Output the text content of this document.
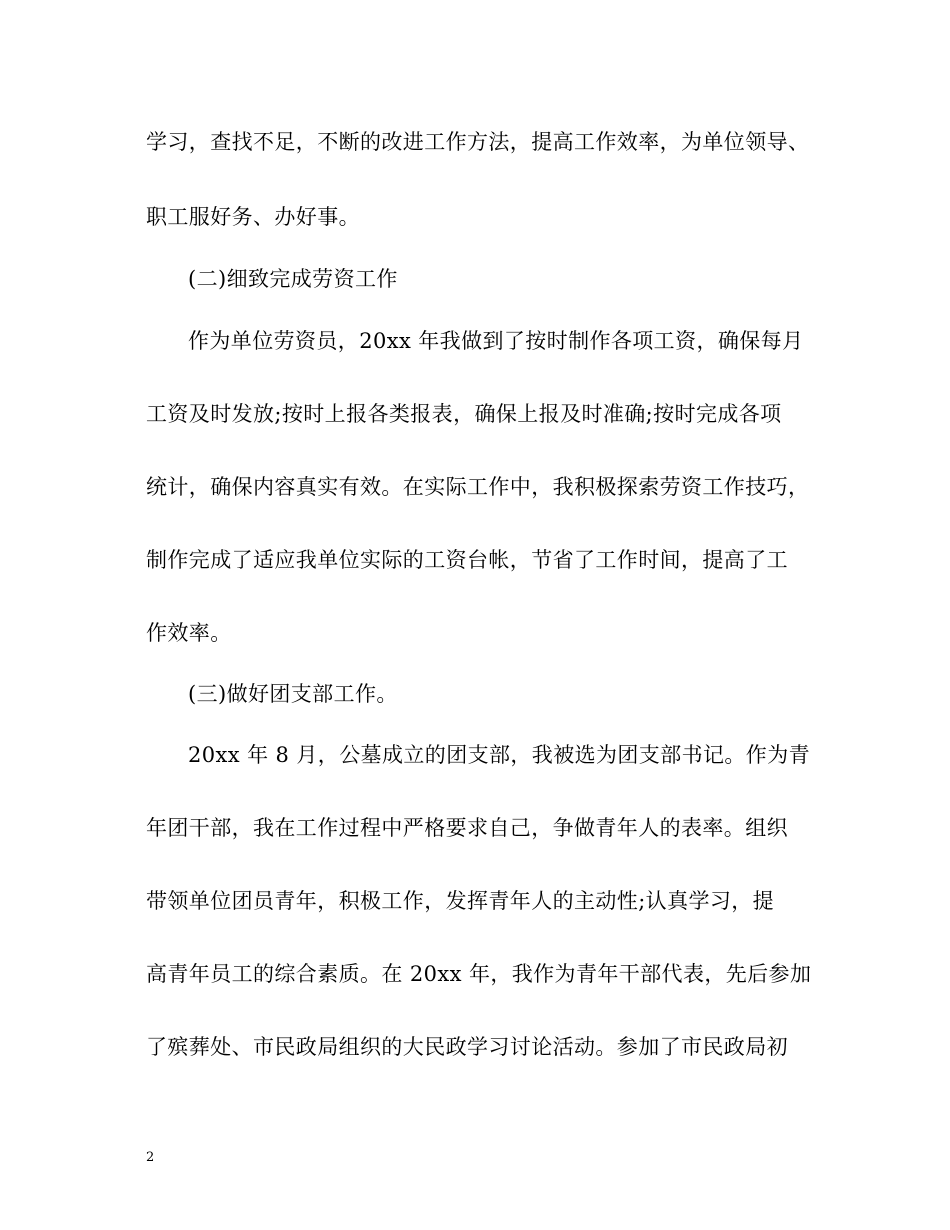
学习，查找不足，不断的改进工作方法，提高工作效率，为单位领导、
职工服好务、办好事。
(二)细致完成劳资工作
作为单位劳资员，20xx 年我做到了按时制作各项工资，确保每月
工资及时发放;按时上报各类报表，确保上报及时准确;按时完成各项
统计，确保内容真实有效。在实际工作中，我积极探索劳资工作技巧，
制作完成了适应我单位实际的工资台帐，节省了工作时间，提高了工
作效率。
(三)做好团支部工作。
20xx 年 8 月，公墓成立的团支部，我被选为团支部书记。作为青
年团干部，我在工作过程中严格要求自己，争做青年人的表率。组织
带领单位团员青年，积极工作，发挥青年人的主动性;认真学习，提
高青年员工的综合素质。在 20xx 年，我作为青年干部代表，先后参加
了殡葬处、市民政局组织的大民政学习讨论活动。参加了市民政局初
2
